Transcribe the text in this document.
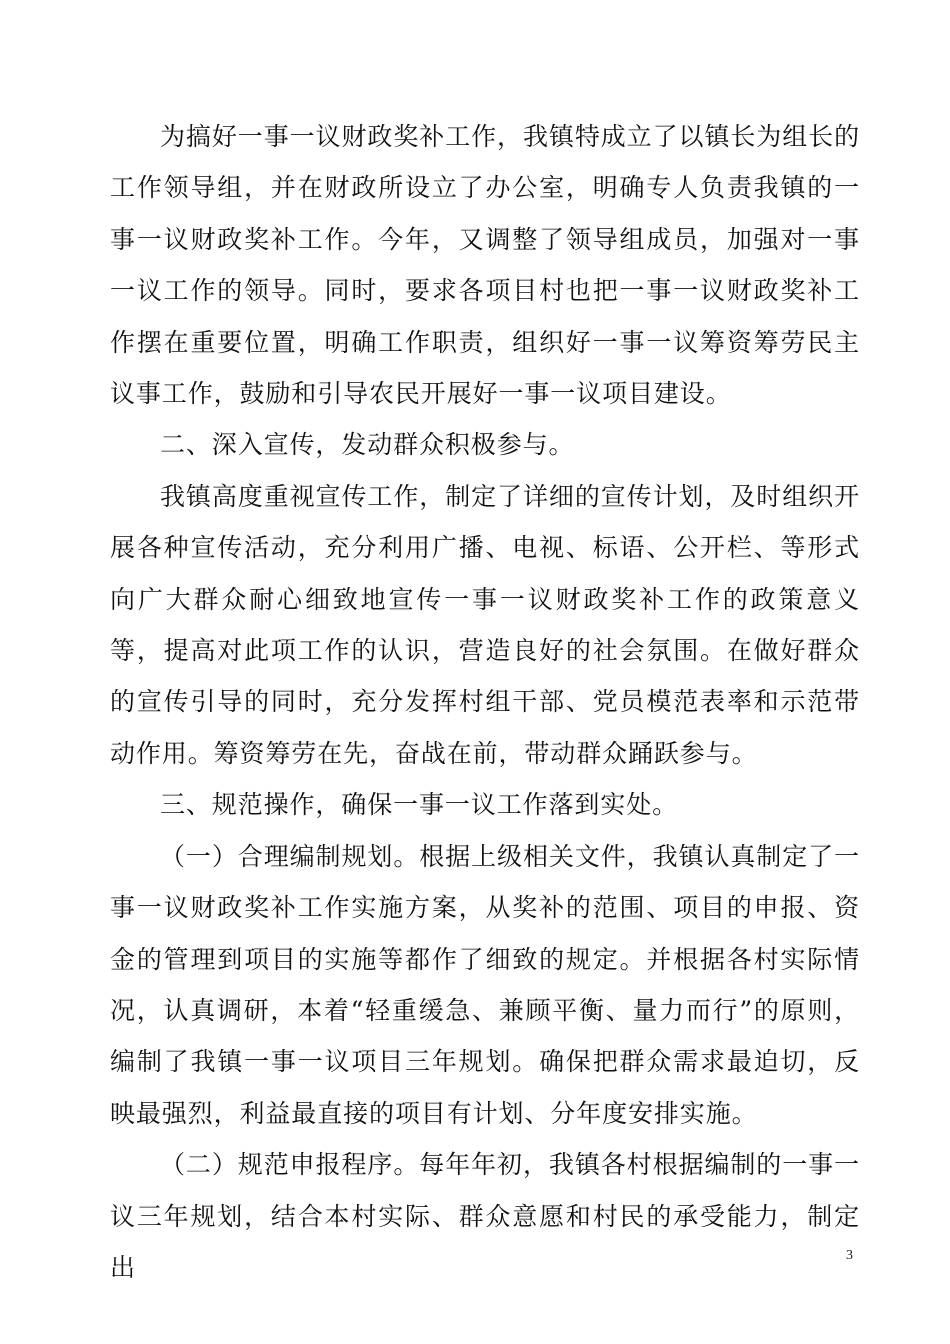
为搞好一事一议财政奖补工作，我镇特成立了以镇长为组长的工作领导组，并在财政所设立了办公室，明确专人负责我镇的一事一议财政奖补工作。今年，又调整了领导组成员，加强对一事一议工作的领导。同时，要求各项目村也把一事一议财政奖补工作摆在重要位置，明确工作职责，组织好一事一议筹资筹劳民主议事工作，鼓励和引导农民开展好一事一议项目建设。

二、深入宣传，发动群众积极参与。

我镇高度重视宣传工作，制定了详细的宣传计划，及时组织开展各种宣传活动，充分利用广播、电视、标语、公开栏、等形式向广大群众耐心细致地宣传一事一议财政奖补工作的政策意义等，提高对此项工作的认识，营造良好的社会氛围。在做好群众的宣传引导的同时，充分发挥村组干部、党员模范表率和示范带动作用。筹资筹劳在先，奋战在前，带动群众踊跃参与。

三、规范操作，确保一事一议工作落到实处。

（一）合理编制规划。根据上级相关文件，我镇认真制定了一事一议财政奖补工作实施方案，从奖补的范围、项目的申报、资金的管理到项目的实施等都作了细致的规定。并根据各村实际情况，认真调研，本着“轻重缓急、兼顾平衡、量力而行”的原则，编制了我镇一事一议项目三年规划。确保把群众需求最迫切，反映最强烈，利益最直接的项目有计划、分年度安排实施。

（二）规范申报程序。每年年初，我镇各村根据编制的一事一议三年规划，结合本村实际、群众意愿和村民的承受能力，制定出	3
